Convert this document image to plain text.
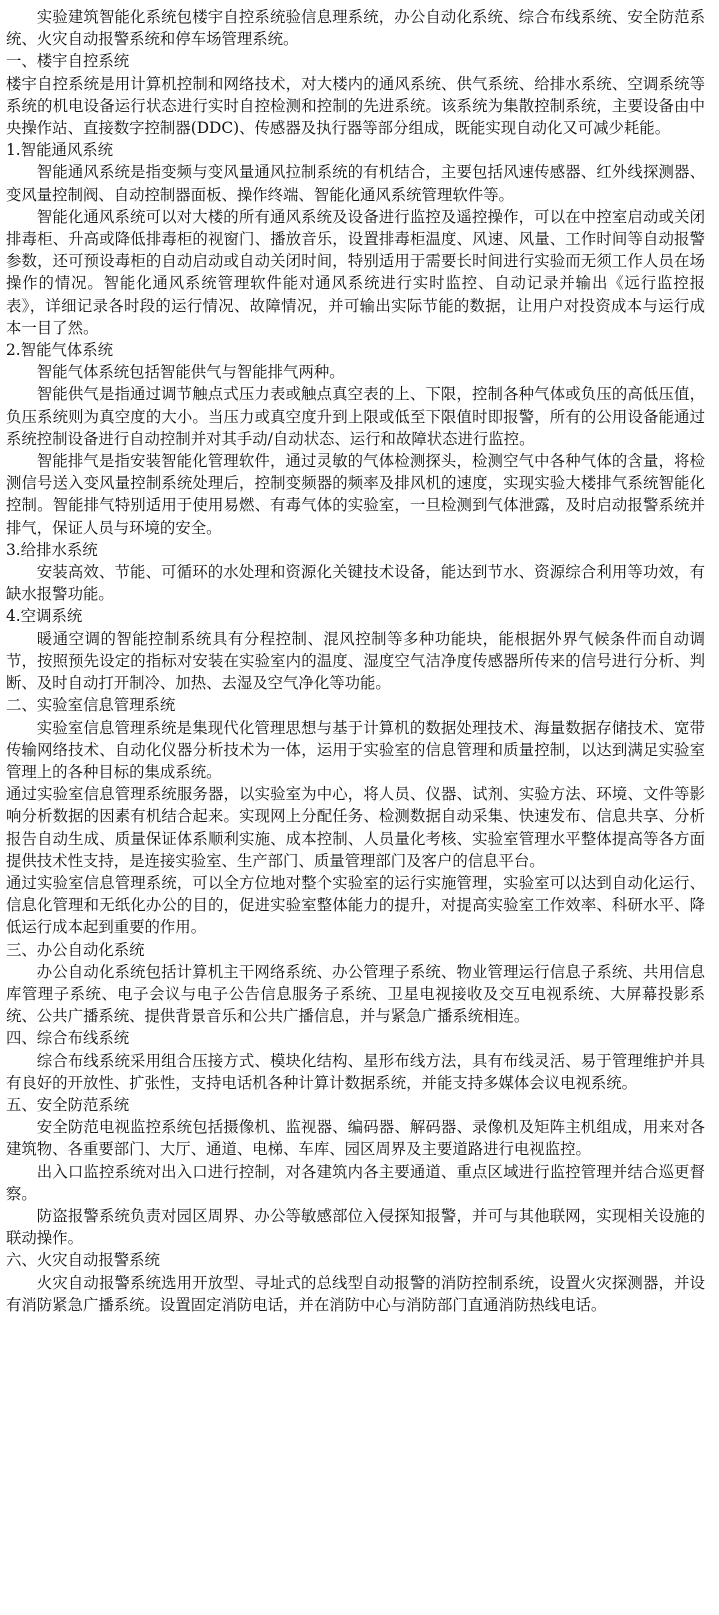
实验建筑智能化系统包楼宇自控系统验信息理系统，办公自动化系统、综合布线系统、安全防范系统、火灾自动报警系统和停车场管理系统。

一、楼宇自控系统

楼宇自控系统是用计算机控制和网络技术，对大楼内的通风系统、供气系统、给排水系统、空调系统等系统的机电设备运行状态进行实时自控检测和控制的先进系统。该系统为集散控制系统，主要设备由中央操作站、直接数字控制器(DDC)、传感器及执行器等部分组成，既能实现自动化又可减少耗能。

1.智能通风系统

智能通风系统是指变频与变风量通风拉制系统的有机结合，主要包括风速传感器、红外线探测器、变风量控制阀、自动控制器面板、操作终端、智能化通风系统管理软件等。

智能化通风系统可以对大楼的所有通风系统及设备进行监控及遥控操作，可以在中控室启动或关闭排毒柜、升高或降低排毒柜的视窗门、播放音乐，设置排毒柜温度、风速、风量、工作时间等自动报警参数，还可预设毒柜的自动启动或自动关闭时间，特别适用于需要长时间进行实验而无须工作人员在场操作的情况。智能化通风系统管理软件能对通风系统进行实时监控、自动记录并输出《远行监控报表》，详细记录各时段的运行情况、故障情况，并可输出实际节能的数据，让用户对投资成本与运行成本一目了然。

2.智能气体系统

智能气体系统包括智能供气与智能排气两种。

智能供气是指通过调节触点式压力表或触点真空表的上、下限，控制各种气体或负压的高低压值，负压系统则为真空度的大小。当压力或真空度升到上限或低至下限值时即报警，所有的公用设备能通过系统控制设备进行自动控制并对其手动/自动状态、运行和故障状态进行监控。

智能排气是指安装智能化管理软件，通过灵敏的气体检测探头，检测空气中各种气体的含量，将检测信号送入变风量控制系统处理后，控制变频器的频率及排风机的速度，实现实验大楼排气系统智能化控制。智能排气特别适用于使用易燃、有毒气体的实验室，一旦检测到气体泄露，及时启动报警系统并排气，保证人员与环境的安全。

3.给排水系统

安装高效、节能、可循环的水处理和资源化关键技术设备，能达到节水、资源综合利用等功效，有缺水报警功能。

4.空调系统

暖通空调的智能控制系统具有分程控制、混风控制等多种功能块，能根据外界气候条件而自动调节，按照预先设定的指标对安装在实验室内的温度、湿度空气洁净度传感器所传来的信号进行分析、判断、及时自动打开制冷、加热、去湿及空气净化等功能。

二、实验室信息管理系统

实验室信息管理系统是集现代化管理思想与基于计算机的数据处理技术、海量数据存储技术、宽带传输网络技术、自动化仪器分析技术为一体，运用于实验室的信息管理和质量控制，以达到满足实验室管理上的各种目标的集成系统。

通过实验室信息管理系统服务器，以实验室为中心，将人员、仪器、试剂、实验方法、环境、文件等影响分析数据的因素有机结合起来。实现网上分配任务、检测数据自动采集、快速发布、信息共享、分析报告自动生成、质量保证体系顺利实施、成本控制、人员量化考核、实验室管理水平整体提高等各方面提供技术性支持，是连接实验室、生产部门、质量管理部门及客户的信息平台。

通过实验室信息管理系统，可以全方位地对整个实验室的运行实施管理，实验室可以达到自动化运行、信息化管理和无纸化办公的目的，促进实验室整体能力的提升，对提高实验室工作效率、科研水平、降低运行成本起到重要的作用。

三、办公自动化系统

办公自动化系统包括计算机主干网络系统、办公管理子系统、物业管理运行信息子系统、共用信息库管理子系统、电子会议与电子公告信息服务子系统、卫星电视接收及交互电视系统、大屏幕投影系统、公共广播系统、提供背景音乐和公共广播信息，并与紧急广播系统相连。

四、综合布线系统

综合布线系统采用组合压接方式、模块化结构、星形布线方法，具有布线灵活、易于管理维护并具有良好的开放性、扩张性，支持电话机各种计算计数据系统，并能支持多媒体会议电视系统。

五、安全防范系统

安全防范电视监控系统包括摄像机、监视器、编码器、解码器、录像机及矩阵主机组成，用来对各建筑物、各重要部门、大厅、通道、电梯、车库、园区周界及主要道路进行电视监控。

出入口监控系统对出入口进行控制，对各建筑内各主要通道、重点区域进行监控管理并结合巡更督察。

防盗报警系统负责对园区周界、办公等敏感部位入侵探知报警，并可与其他联网，实现相关设施的联动操作。

六、火灾自动报警系统

火灾自动报警系统选用开放型、寻址式的总线型自动报警的消防控制系统，设置火灾探测器，并设有消防紧急广播系统。设置固定消防电话，并在消防中心与消防部门直通消防热线电话。
